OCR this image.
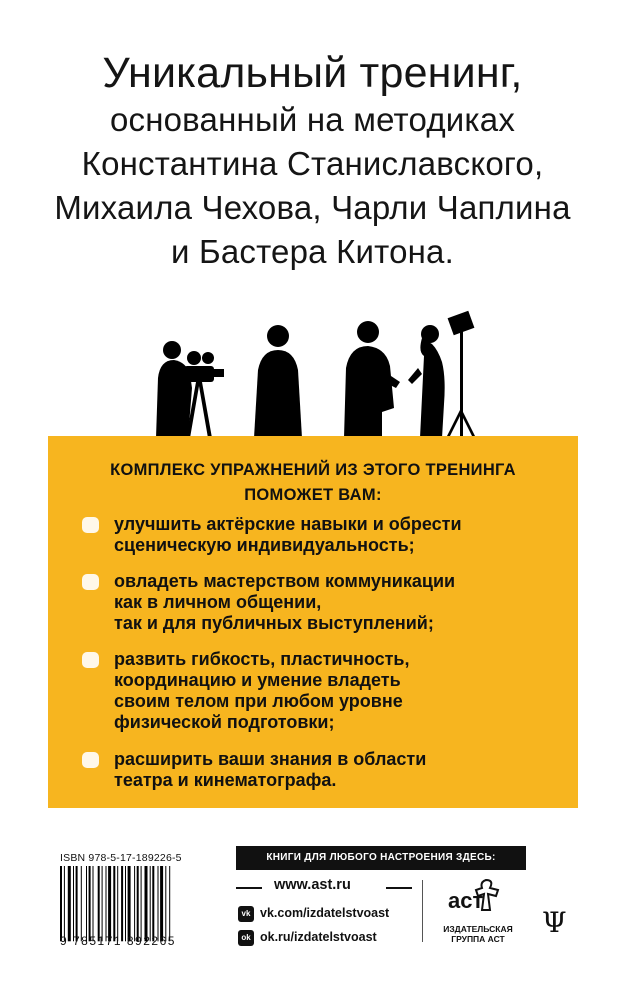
Уникальный тренинг,
основанный на методиках
Константина Станиславского,
Михаила Чехова, Чарли Чаплина
и Бастера Китона.
КОМПЛЕКС УПРАЖНЕНИЙ ИЗ ЭТОГО ТРЕНИНГА
ПОМОЖЕТ ВАМ:
улучшить актёрские навыки и обрести
сценическую индивидуальность;
овладеть мастерством коммуникации
как в личном общении,
так и для публичных выступлений;
развить гибкость, пластичность,
координацию и умение владеть
своим телом при любом уровне
физической подготовки;
расширить ваши знания в области
театра и кинематографа.
ISBN 978-5-17-189226-5
9 785171 892265
КНИГИ ДЛЯ ЛЮБОГО НАСТРОЕНИЯ ЗДЕСЬ:
www.ast.ru
vk vk.com/izdatelstvoast
ok ok.ru/izdatelstvoast
аст
ИЗДАТЕЛЬСКАЯ
ГРУППА АСТ	Ψ
